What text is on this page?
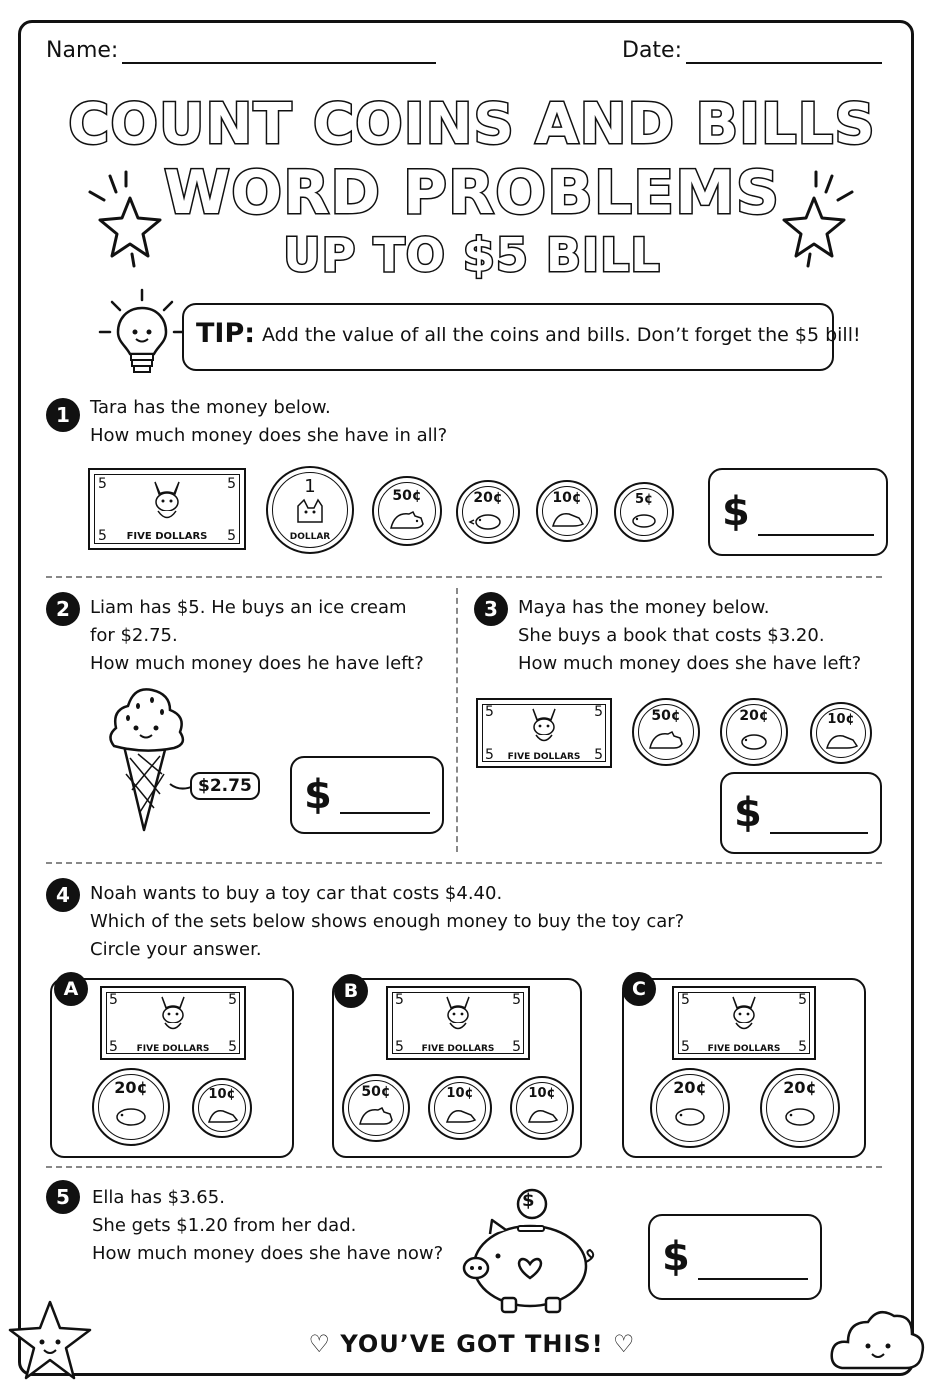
Name:	Date:
COUNT COINS AND BILLS
WORD PROBLEMS
UP TO $5 BILL
TIP: Add the value of all the coins and bills. Don’t forget the $5 bill!
1	Tara has the money below.
How much money does she have in all?
5	5
5	5
FIVE DOLLARS
1
DOLLAR
50¢	20¢	10¢	5¢	$
2	Liam has $5. He buys an ice cream
for $2.75.
How much money does he have left?
$2.75 $
3	Maya has the money below.
She buys a book that costs $3.20.
How much money does she have left?
5	5
5	5
FIVE DOLLARS
50¢	20¢	10¢
$
4	Noah wants to buy a toy car that costs $4.40.
Which of the sets below shows enough money to buy the toy car?
Circle your answer.
A	5	5
5	5
FIVE DOLLARS
20¢	10¢
B	5	5
5	5
FIVE DOLLARS
50¢	10¢	10¢
C	5	5
5	5
FIVE DOLLARS
20¢	20¢
5	Ella has $3.65.
She gets $1.20 from her dad.
How much money does she have now?
$
$
♡ YOU’VE GOT THIS! ♡
